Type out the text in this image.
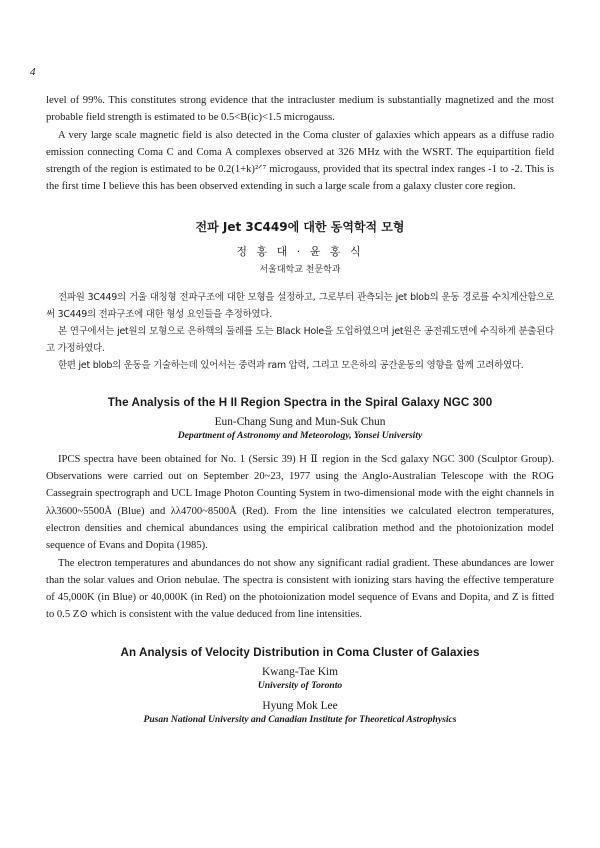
4

level of 99%. This constitutes strong evidence that the intracluster medium is substantially magnetized and the most probable field strength is estimated to be 0.5<B(ic)<1.5 microgauss.

A very large scale magnetic field is also detected in the Coma cluster of galaxies which appears as a diffuse radio emission connecting Coma C and Coma A complexes observed at 326 MHz with the WSRT. The equipartition field strength of the region is estimated to be 0.2(1+k)²ᐟ⁷ microgauss, provided that its spectral index ranges -1 to -2. This is the first time I believe this has been observed extending in such a large scale from a galaxy cluster core region.

전파 Jet 3C449에 대한 동역학적 모형
정 홍 대 · 윤 홍 식
서울대학교 천문학과

전파원 3C449의 거울 대칭형 전파구조에 대한 모형을 설정하고, 그로부터 관측되는 jet blob의 운동 경로를 수치계산함으로써 3C449의 전파구조에 대한 형성 요인들을 추정하였다.

본 연구에서는 jet원의 모형으로 은하핵의 둘레를 도는 Black Hole을 도입하였으며 jet원은 공전궤도면에 수직하게 분출된다고 가정하였다.

한편 jet blob의 운동을 기술하는데 있어서는 중력과 ram 압력, 그리고 모은하의 공간운동의 영향을 함께 고려하였다.

The Analysis of the H II Region Spectra in the Spiral Galaxy NGC 300
Eun-Chang Sung and Mun-Suk Chun
Department of Astronomy and Meteorology, Yonsei University

IPCS spectra have been obtained for No. 1 (Sersic 39) H Ⅱ region in the Scd galaxy NGC 300 (Sculptor Group). Observations were carried out on September 20~23, 1977 using the Anglo-Australian Telescope with the ROG Cassegrain spectrograph and UCL Image Photon Counting System in two-dimensional mode with the eight channels in λλ3600~5500Å (Blue) and λλ4700~8500Å (Red). From the line intensities we calculated electron temperatures, electron densities and chemical abundances using the empirical calibration method and the photoionization model sequence of Evans and Dopita (1985).

The electron temperatures and abundances do not show any significant radial gradient. These abundances are lower than the solar values and Orion nebulae. The spectra is consistent with ionizing stars having the effective temperature of 45,000K (in Blue) or 40,000K (in Red) on the photoionization model sequence of Evans and Dopita, and Z is fitted to 0.5 Z⊙ which is consistent with the value deduced from line intensities.

An Analysis of Velocity Distribution in Coma Cluster of Galaxies
Kwang-Tae Kim
University of Toronto
Hyung Mok Lee
Pusan National University and Canadian Institute for Theoretical Astrophysics
